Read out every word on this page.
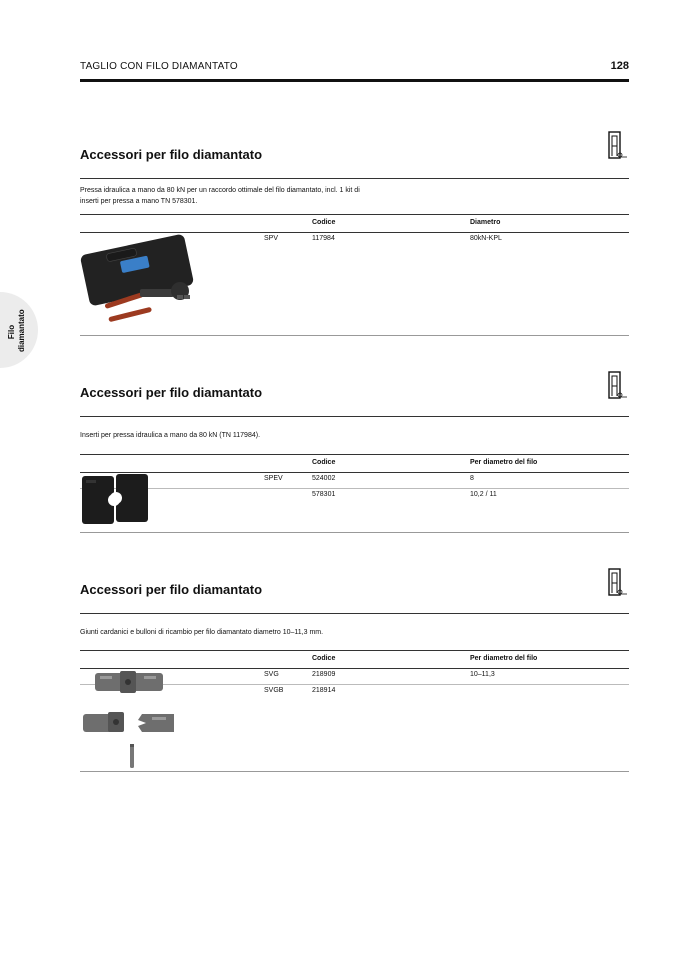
TAGLIO CON FILO DIAMANTATO	128
Filo diamantato
Accessori per filo diamantato
Pressa idraulica a mano da 80 kN per un raccordo ottimale del filo diamantato, incl. 1 kit di inserti per pressa a mano TN 578301.
Codice	Diametro
SPV	117984	80kN-KPL
Accessori per filo diamantato
Inserti per pressa idraulica a mano da 80 kN (TN 117984).
Codice	Per diametro del filo
SPEV	524002	8
578301	10,2 / 11
Accessori per filo diamantato
Giunti cardanici e bulloni di ricambio per filo diamantato diametro 10–11,3 mm.
Codice	Per diametro del filo
SVG	218909	10–11,3
SVGB	218914
